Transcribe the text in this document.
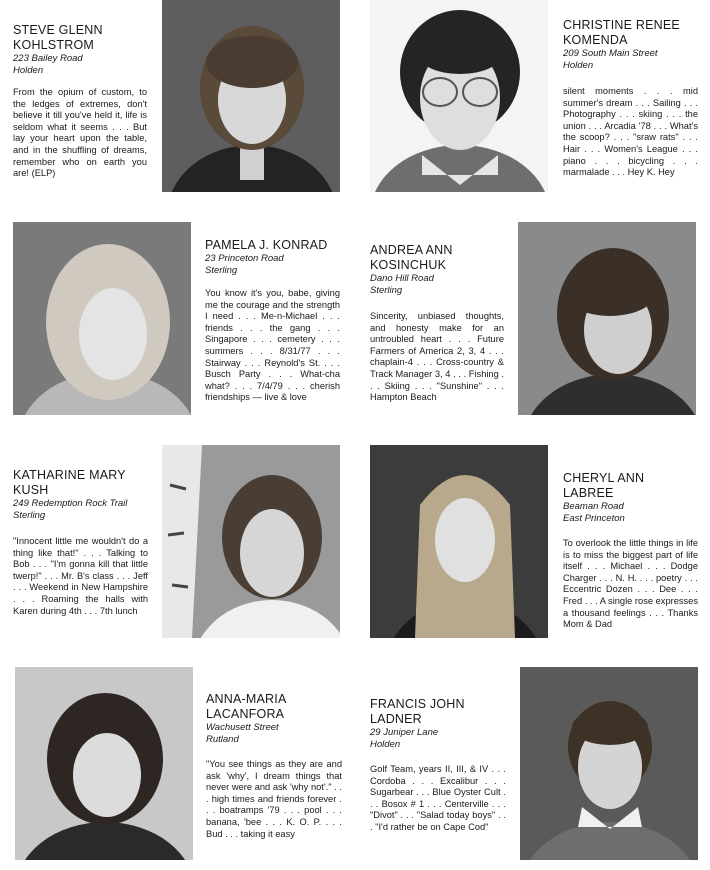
STEVE GLENN
KOHLSTROM

223 Bailey Road

Holden

From the opium of custom, to the ledges of extremes, don't believe it till you've held it, life is seldom what it seems . . . But lay your heart upon the table, and in the shuffling of dreams, remember who on earth you are! (ELP)

CHRISTINE RENEE
KOMENDA

209 South Main Street

Holden

silent moments . . . mid summer's dream . . . Sailing . . . Photography . . . skiing . . . the union . . . Arcadia '78 . . . What's the scoop? . . . "sraw rats" . . . Hair . . . Women's League . . . piano . . . bicycling . . . marmalade . . . Hey K. Hey

PAMELA J. KONRAD

23 Princeton Road

Sterling

You know it's you, babe, giving me the courage and the strength I need . . . Me-n-Michael . . . friends . . . the gang . . . Singapore . . . cemetery . . . summers . . . 8/31/77 . . . Stairway . . . Reynold's St. . . . Busch Party . . . What-cha what? . . . 7/4/79 . . . cherish friendships — live & love

ANDREA ANN
KOSINCHUK

Dano Hill Road

Sterling

Sincerity, unbiased thoughts, and honesty make for an untroubled heart . . . Future Farmers of America 2, 3, 4 . . . chaplain-4 . . . Cross-country & Track Manager 3, 4 . . . Fishing . . . Skiing . . . "Sunshine" . . . Hampton Beach

KATHARINE MARY
KUSH

249 Redemption Rock Trail

Sterling

"Innocent little me wouldn't do a thing like that!" . . . Talking to Bob . . . "I'm gonna kill that little twerp!" . . . Mr. B's class . . . Jeff . . . Weekend in New Hampshire . . . Roaming the halls with Karen during 4th . . . 7th lunch

CHERYL ANN LABREE

Beaman Road

East Princeton

To overlook the little things in life is to miss the biggest part of life itself . . . Michael . . . Dodge Charger . . . N. H. . . . poetry . . . Eccentric Dozen . . . Dee . . . Fred . . . A single rose expresses a thousand feelings . . . Thanks Mom & Dad

ANNA-MARIA
LACANFORA

Wachusett Street

Rutland

"You see things as they are and ask 'why', I dream things that never were and ask 'why not'." . . . high times and friends forever . . . boatramps '79 . . . pool . . . banana, 'bee . . . K. O. P. . . . Bud . . . taking it easy

FRANCIS JOHN
LADNER

29 Juniper Lane

Holden

Golf Team, years II, III, & IV . . . Cordoba . . . Excalibur . . . Sugarbear . . . Blue Oyster Cult . . . Bosox # 1 . . . Centerville . . . "Divot" . . . "Salad today boys" . . . "I'd rather be on Cape Cod"
